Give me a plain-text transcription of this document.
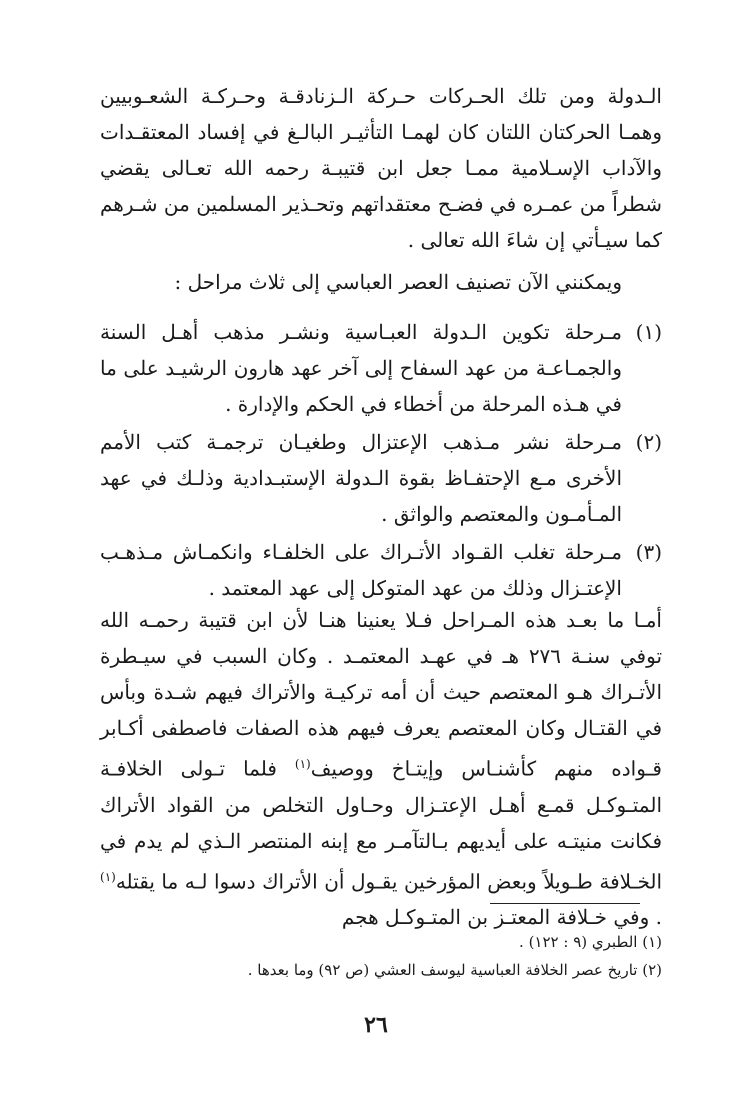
الـدولة ومن تلك الحـركات حـركة الـزنادقـة وحـركـة الشعـوبيين وهمـا الحركتان اللتان كان لهمـا التأثيـر البالـغ في إفساد المعتقـدات والآداب الإسـلامية ممـا جعل ابن قتيبـة رحمه الله تعـالى يقضي شطراً من عمـره في فضـح معتقداتهم وتحـذير المسلمين من شـرهم كما سيـأتي إن شاءَ الله تعالى .

ويمكنني الآن تصنيف العصر العباسي إلى ثلاث مراحل :

(١)
مـرحلة تكوين الـدولة العبـاسية ونشـر مذهب أهـل السنة والجمـاعـة من عهد السفاح إلى آخر عهد هارون الرشيـد على ما في هـذه المرحلة من أخطاء في الحكم والإدارة .
(٢)
مـرحلة نشر مـذهب الإعتزال وطغيـان ترجمـة كتب الأمم الأخرى مـع الإحتفـاظ بقوة الـدولة الإستبـدادية وذلـك في عهد المـأمـون والمعتصم والواثق .
(٣)
مـرحلة تغلب القـواد الأتـراك على الخلفـاء وانكمـاش مـذهـب الإعتـزال وذلك من عهد المتوكل إلى عهد المعتمد .

أمـا ما بعـد هذه المـراحل فـلا يعنينا هنـا لأن ابن قتيبة رحمـه الله توفي سنـة ٢٧٦ هـ في عهـد المعتمـد . وكان السبب في سيـطرة الأتـراك هـو المعتصم حيث أن أمه تركيـة والأتراك فيهم شـدة وبأس في القتـال وكان المعتصم يعرف فيهم هذه الصفات فاصطفى أكـابر قـواده منهم كأشنـاس وإيتـاخ ووصيف$^{(١)}$ فلما تـولى الخلافـة المتـوكـل قمـع أهـل الإعتـزال وحـاول التخلص من القواد الأتراك فكانت منيتـه على أيديهم بـالتآمـر مع إبنه المنتصر الـذي لم يدم في الخـلافة طـويلاً وبعض المؤرخين يقـول أن الأتراك دسوا لـه ما يقتله$^{(١)}$ . وفي خـلافة المعتـز بن المتـوكـل هجم

(١) الطبري (٩ : ١٢٢) .
(٢) تاريخ عصر الخلافة العباسية ليوسف العشي (ص ٩٢) وما بعدها .
٢٦
